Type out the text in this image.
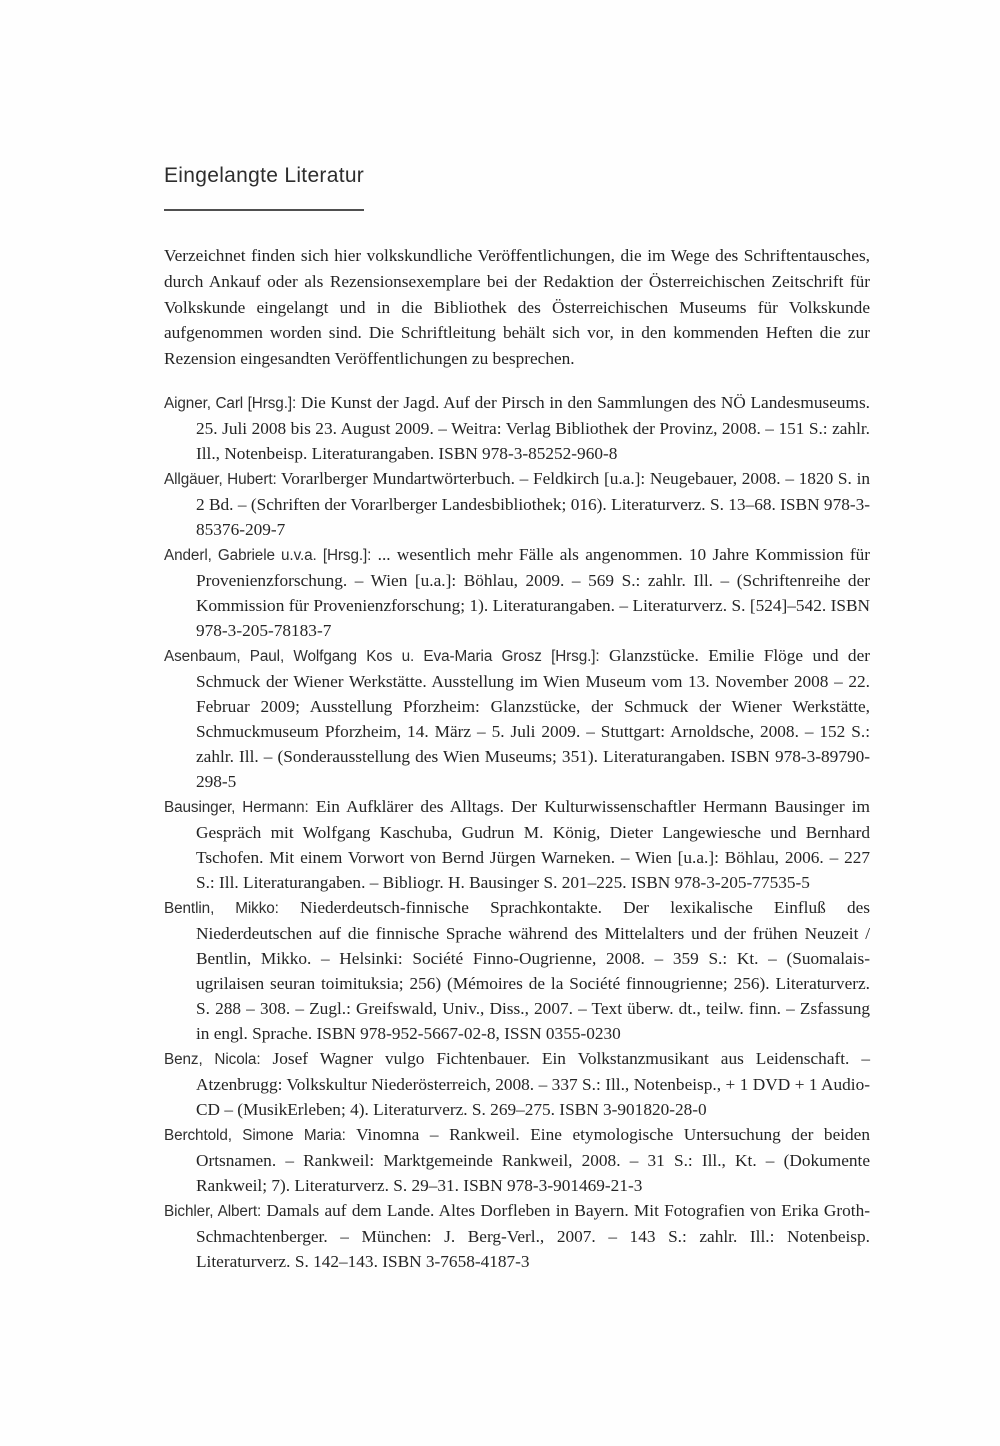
Eingelangte Literatur

Verzeichnet finden sich hier volkskundliche Veröffentlichungen, die im Wege des Schriftentausches, durch Ankauf oder als Rezensionsexemplare bei der Redaktion der Österreichischen Zeitschrift für Volkskunde eingelangt und in die Bibliothek des Österreichischen Museums für Volkskunde aufgenommen worden sind. Die Schriftleitung behält sich vor, in den kommenden Heften die zur Rezension eingesandten Veröffentlichungen zu besprechen.

Aigner, Carl [Hrsg.]: Die Kunst der Jagd. Auf der Pirsch in den Sammlungen des NÖ Landesmuseums. 25. Juli 2008 bis 23. August 2009. – Weitra: Verlag Bibliothek der Provinz, 2008. – 151 S.: zahlr. Ill., Notenbeisp. Literaturangaben. ISBN 978-3-85252-960-8

Allgäuer, Hubert: Vorarlberger Mundartwörterbuch. – Feldkirch [u.a.]: Neugebauer, 2008. – 1820 S. in 2 Bd. – (Schriften der Vorarlberger Landesbibliothek; 016). Literaturverz. S. 13–68. ISBN 978-3-85376-209-7

Anderl, Gabriele u.v.a. [Hrsg.]: ... wesentlich mehr Fälle als angenommen. 10 Jahre Kommission für Provenienzforschung. – Wien [u.a.]: Böhlau, 2009. – 569 S.: zahlr. Ill. – (Schriftenreihe der Kommission für Provenienzforschung; 1). Literaturangaben. – Literaturverz. S. [524]–542. ISBN 978-3-205-78183-7

Asenbaum, Paul, Wolfgang Kos u. Eva-Maria Grosz [Hrsg.]: Glanzstücke. Emilie Flöge und der Schmuck der Wiener Werkstätte. Ausstellung im Wien Museum vom 13. November 2008 – 22. Februar 2009; Ausstellung Pforzheim: Glanzstücke, der Schmuck der Wiener Werkstätte, Schmuckmuseum Pforzheim, 14. März – 5. Juli 2009. – Stuttgart: Arnoldsche, 2008. – 152 S.: zahlr. Ill. – (Sonderausstellung des Wien Museums; 351). Literaturangaben. ISBN 978-3-89790-298-5

Bausinger, Hermann: Ein Aufklärer des Alltags. Der Kulturwissenschaftler Hermann Bausinger im Gespräch mit Wolfgang Kaschuba, Gudrun M. König, Dieter Langewiesche und Bernhard Tschofen. Mit einem Vorwort von Bernd Jürgen Warneken. – Wien [u.a.]: Böhlau, 2006. – 227 S.: Ill. Literaturangaben. – Bibliogr. H. Bausinger S. 201–225. ISBN 978-3-205-77535-5

Bentlin, Mikko: Niederdeutsch-finnische Sprachkontakte. Der lexikalische Einfluß des Niederdeutschen auf die finnische Sprache während des Mittelalters und der frühen Neuzeit / Bentlin, Mikko. – Helsinki: Société Finno-Ougrienne, 2008. – 359 S.: Kt. – (Suomalais-ugrilaisen seuran toimituksia; 256) (Mémoires de la Société finnougrienne; 256). Literaturverz. S. 288 – 308. – Zugl.: Greifswald, Univ., Diss., 2007. – Text überw. dt., teilw. finn. – Zsfassung in engl. Sprache. ISBN 978-952-5667-02-8, ISSN 0355-0230

Benz, Nicola: Josef Wagner vulgo Fichtenbauer. Ein Volkstanzmusikant aus Leidenschaft. – Atzenbrugg: Volkskultur Niederösterreich, 2008. – 337 S.: Ill., Notenbeisp., + 1 DVD + 1 Audio-CD – (MusikErleben; 4). Literaturverz. S. 269–275. ISBN 3-901820-28-0

Berchtold, Simone Maria: Vinomna – Rankweil. Eine etymologische Untersuchung der beiden Ortsnamen. – Rankweil: Marktgemeinde Rankweil, 2008. – 31 S.: Ill., Kt. – (Dokumente Rankweil; 7). Literaturverz. S. 29–31. ISBN 978-3-901469-21-3

Bichler, Albert: Damals auf dem Lande. Altes Dorfleben in Bayern. Mit Fotografien von Erika Groth-Schmachtenberger. – München: J. Berg-Verl., 2007. – 143 S.: zahlr. Ill.: Notenbeisp. Literaturverz. S. 142–143. ISBN 3-7658-4187-3
